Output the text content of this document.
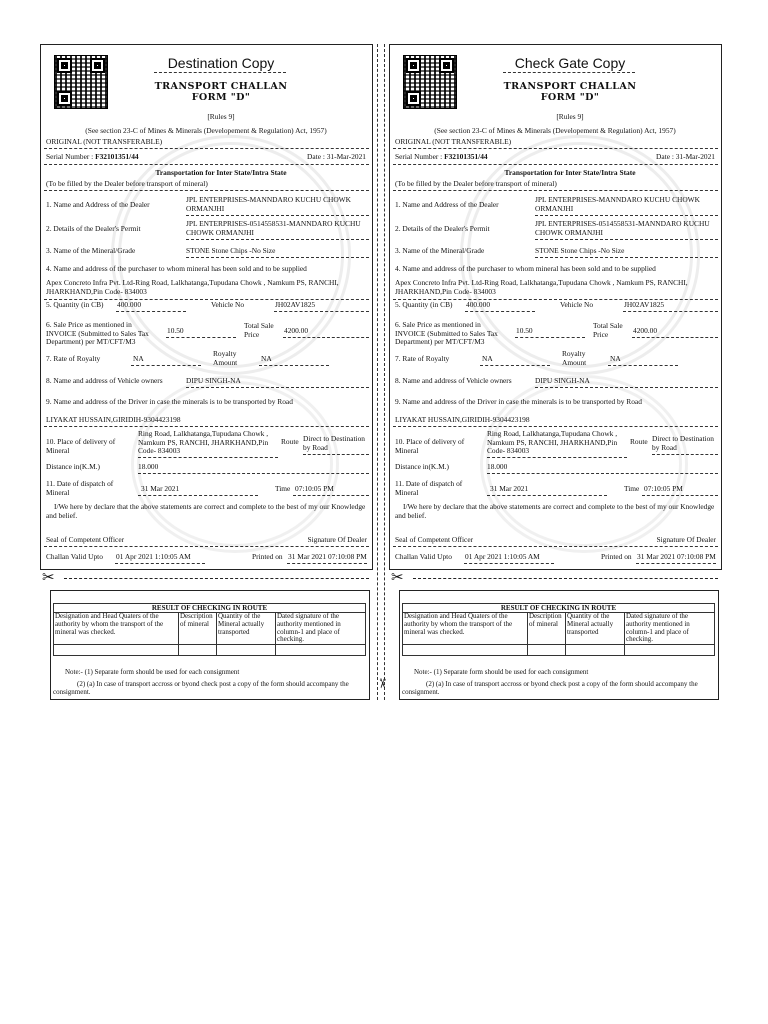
Destination Copy
TRANSPORT CHALLAN
FORM "D"
[Rules 9]
(See section 23-C of Mines & Minerals (Developement & Regulation) Act, 1957)
ORIGINAL (NOT TRANSFERABLE)
Serial Number : F32101351/44	Date : 31-Mar-2021
Transportation for Inter State/Intra State
(To be filled by the Dealer before transport of mineral)
1. Name and Address of the Dealer
JPL ENTERPRISES-MANNDARO KUCHU CHOWK ORMANJHI
2. Details of the Dealer's Permit
JPL ENTERPRISES-0514558531-MANNDARO KUCHU CHOWK ORMANJHI
3. Name of the Mineral/Grade	STONE Stone Chips -No Size
4. Name and address of the purchaser to whom mineral has been sold and to be supplied
Apex Concreto Infra Pvt. Ltd-Ring Road, Lalkhatanga,Tupudana Chowk , Namkum PS, RANCHI, JHARKHAND,Pin Code- 834003
5. Quantity (in CB) 400.000	Vehicle No	JH02AV1825
6. Sale Price as mentioned in INVOICE (Submitted to Sales Tax Department) per MT/CFT/M3
10.50
Total Sale Price	4200.00
7. Rate of Royalty	NA
Royalty Amount	NA
8. Name and address of Vehicle owners	DIPU SINGH-NA
9. Name and address of the Driver in case the minerals is to be transported by Road
LIYAKAT HUSSAIN,GIRIDIH-9304423198
10. Place of delivery of Mineral
Ring Road, Lalkhatanga,Tupudana Chowk , Namkum PS, RANCHI, JHARKHAND,Pin Code- 834003
Route Direct to Destination by Road
Distance in(K.M.)	18.000
11. Date of dispatch of Mineral	31 Mar 2021	Time 07:10:05 PM
I/We here by declare that the above statements are correct and complete to the best of my our Knowledge and belief.
Seal of Competent Officer	Signature Of Dealer
Challan Valid Upto 01 Apr 2021 1:10:05 AM	Printed on 31 Mar 2021 07:10:08 PM
✂
RESULT OF CHECKING IN ROUTE			
Designation and Head Quaters of the authority by whom the transport of the mineral was checked.	Description of mineral	Quantity of the Mineral actually transported	Dated signature of the authority mentioned in column-1 and place of checking.

Note:- (1) Separate form should be used for each consignment
(2) (a) In case of transport accross or byond check post a copy of the form should accompany the consignment.
✂
Check Gate Copy
TRANSPORT CHALLAN
FORM "D"
[Rules 9]
(See section 23-C of Mines & Minerals (Developement & Regulation) Act, 1957)
ORIGINAL (NOT TRANSFERABLE)
Serial Number : F32101351/44	Date : 31-Mar-2021
Transportation for Inter State/Intra State
(To be filled by the Dealer before transport of mineral)
1. Name and Address of the Dealer
JPL ENTERPRISES-MANNDARO KUCHU CHOWK ORMANJHI
2. Details of the Dealer's Permit
JPL ENTERPRISES-0514558531-MANNDARO KUCHU CHOWK ORMANJHI
3. Name of the Mineral/Grade	STONE Stone Chips -No Size
4. Name and address of the purchaser to whom mineral has been sold and to be supplied
Apex Concreto Infra Pvt. Ltd-Ring Road, Lalkhatanga,Tupudana Chowk , Namkum PS, RANCHI, JHARKHAND,Pin Code- 834003
5. Quantity (in CB) 400.000	Vehicle No	JH02AV1825
6. Sale Price as mentioned in INVOICE (Submitted to Sales Tax Department) per MT/CFT/M3
10.50
Total Sale Price	4200.00
7. Rate of Royalty	NA
Royalty Amount	NA
8. Name and address of Vehicle owners	DIPU SINGH-NA
9. Name and address of the Driver in case the minerals is to be transported by Road
LIYAKAT HUSSAIN,GIRIDIH-9304423198
10. Place of delivery of Mineral
Ring Road, Lalkhatanga,Tupudana Chowk , Namkum PS, RANCHI, JHARKHAND,Pin Code- 834003
Route Direct to Destination by Road
Distance in(K.M.)	18.000
11. Date of dispatch of Mineral	31 Mar 2021	Time 07:10:05 PM
I/We here by declare that the above statements are correct and complete to the best of my our Knowledge and belief.
Seal of Competent Officer	Signature Of Dealer
Challan Valid Upto 01 Apr 2021 1:10:05 AM	Printed on 31 Mar 2021 07:10:08 PM
✂
RESULT OF CHECKING IN ROUTE			
Designation and Head Quaters of the authority by whom the transport of the mineral was checked.	Description of mineral	Quantity of the Mineral actually transported	Dated signature of the authority mentioned in column-1 and place of checking.

Note:- (1) Separate form should be used for each consignment
(2) (a) In case of transport accross or byond check post a copy of the form should accompany the consignment.
